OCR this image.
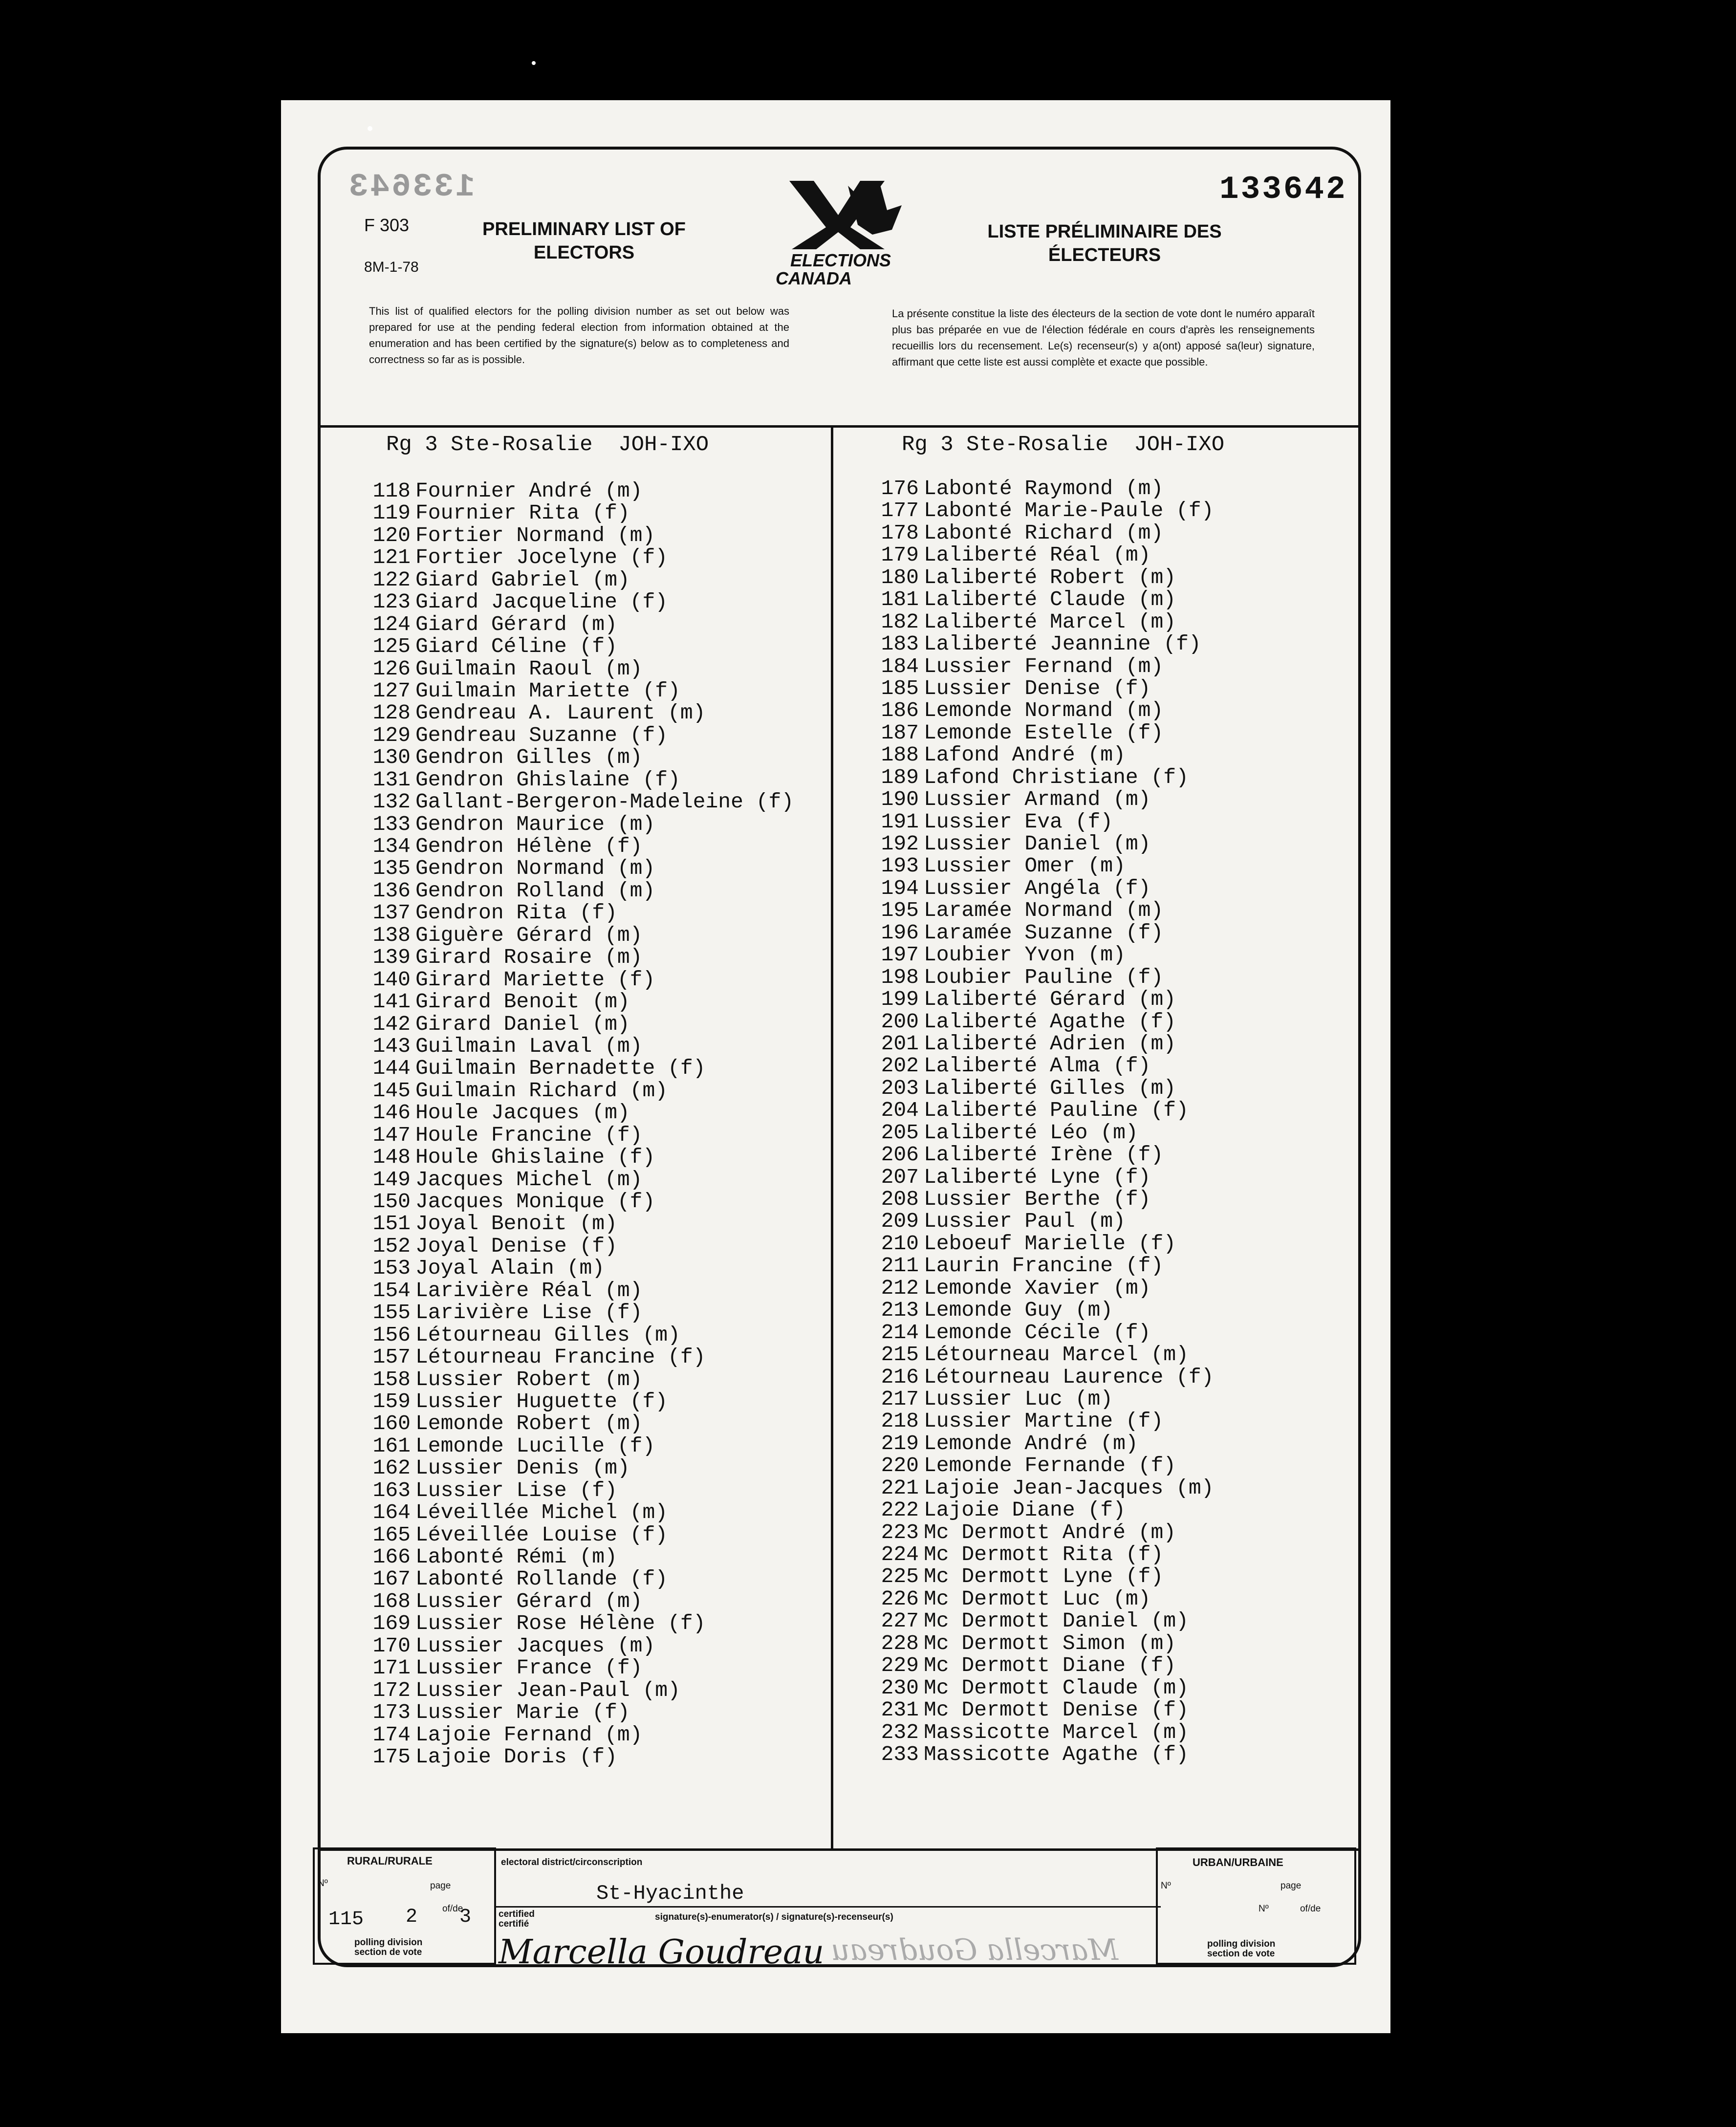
133643	133642
F 303
8M-1-78
PRELIMINARY LIST OF ELECTORS
LISTE PRÉLIMINAIRE DES ÉLECTEURS
ELECTIONS
CANADA
This list of qualified electors for the polling division number as set out below was prepared for use at the pending federal election from information obtained at the enumeration and has been certified by the signature(s) below as to completeness and correctness so far as is possible.
La présente constitue la liste des électeurs de la section de vote dont le numéro apparaît plus bas préparée en vue de l'élection fédérale en cours d'après les renseignements recueillis lors du recensement. Le(s) recenseur(s) y a(ont) apposé sa(leur) signature, affirmant que cette liste est aussi complète et exacte que possible.
Rg 3 Ste-Rosalie  JOH-IXO	Rg 3 Ste-Rosalie  JOH-IXO
118 Fournier André (m)
119 Fournier Rita (f)
120 Fortier Normand (m)
121 Fortier Jocelyne (f)
122 Giard Gabriel (m)
123 Giard Jacqueline (f)
124 Giard Gérard (m)
125 Giard Céline (f)
126 Guilmain Raoul (m)
127 Guilmain Mariette (f)
128 Gendreau A. Laurent (m)
129 Gendreau Suzanne (f)
130 Gendron Gilles (m)
131 Gendron Ghislaine (f)
132 Gallant-Bergeron-Madeleine (f)
133 Gendron Maurice (m)
134 Gendron Hélène (f)
135 Gendron Normand (m)
136 Gendron Rolland (m)
137 Gendron Rita (f)
138 Giguère Gérard (m)
139 Girard Rosaire (m)
140 Girard Mariette (f)
141 Girard Benoit (m)
142 Girard Daniel (m)
143 Guilmain Laval (m)
144 Guilmain Bernadette (f)
145 Guilmain Richard (m)
146 Houle Jacques (m)
147 Houle Francine (f)
148 Houle Ghislaine (f)
149 Jacques Michel (m)
150 Jacques Monique (f)
151 Joyal Benoit (m)
152 Joyal Denise (f)
153 Joyal Alain (m)
154 Larivière Réal (m)
155 Larivière Lise (f)
156 Létourneau Gilles (m)
157 Létourneau Francine (f)
158 Lussier Robert (m)
159 Lussier Huguette (f)
160 Lemonde Robert (m)
161 Lemonde Lucille (f)
162 Lussier Denis (m)
163 Lussier Lise (f)
164 Léveillée Michel (m)
165 Léveillée Louise (f)
166 Labonté Rémi (m)
167 Labonté Rollande (f)
168 Lussier Gérard (m)
169 Lussier Rose Hélène (f)
170 Lussier Jacques (m)
171 Lussier France (f)
172 Lussier Jean-Paul (m)
173 Lussier Marie (f)
174 Lajoie Fernand (m)
175 Lajoie Doris (f)
176 Labonté Raymond (m)
177 Labonté Marie-Paule (f)
178 Labonté Richard (m)
179 Laliberté Réal (m)
180 Laliberté Robert (m)
181 Laliberté Claude (m)
182 Laliberté Marcel (m)
183 Laliberté Jeannine (f)
184 Lussier Fernand (m)
185 Lussier Denise (f)
186 Lemonde Normand (m)
187 Lemonde Estelle (f)
188 Lafond André (m)
189 Lafond Christiane (f)
190 Lussier Armand (m)
191 Lussier Eva (f)
192 Lussier Daniel (m)
193 Lussier Omer (m)
194 Lussier Angéla (f)
195 Laramée Normand (m)
196 Laramée Suzanne (f)
197 Loubier Yvon (m)
198 Loubier Pauline (f)
199 Laliberté Gérard (m)
200 Laliberté Agathe (f)
201 Laliberté Adrien (m)
202 Laliberté Alma (f)
203 Laliberté Gilles (m)
204 Laliberté Pauline (f)
205 Laliberté Léo (m)
206 Laliberté Irène (f)
207 Laliberté Lyne (f)
208 Lussier Berthe (f)
209 Lussier Paul (m)
210 Leboeuf Marielle (f)
211 Laurin Francine (f)
212 Lemonde Xavier (m)
213 Lemonde Guy (m)
214 Lemonde Cécile (f)
215 Létourneau Marcel (m)
216 Létourneau Laurence (f)
217 Lussier Luc (m)
218 Lussier Martine (f)
219 Lemonde André (m)
220 Lemonde Fernande (f)
221 Lajoie Jean-Jacques (m)
222 Lajoie Diane (f)
223 Mc Dermott André (m)
224 Mc Dermott Rita (f)
225 Mc Dermott Lyne (f)
226 Mc Dermott Luc (m)
227 Mc Dermott Daniel (m)
228 Mc Dermott Simon (m)
229 Mc Dermott Diane (f)
230 Mc Dermott Claude (m)
231 Mc Dermott Denise (f)
232 Massicotte Marcel (m)
233 Massicotte Agathe (f)
RURAL/RURALE
Nº	page
of/de
115 2 3
polling division section de vote
electoral district/circonscription
St-Hyacinthe
certified certifié
signature(s)-enumerator(s) / signature(s)-recenseur(s)
Marcella Goudreau Marcella Goudreau
URBAN/URBAINE
Nº	page
Nº	of/de
polling division section de vote
